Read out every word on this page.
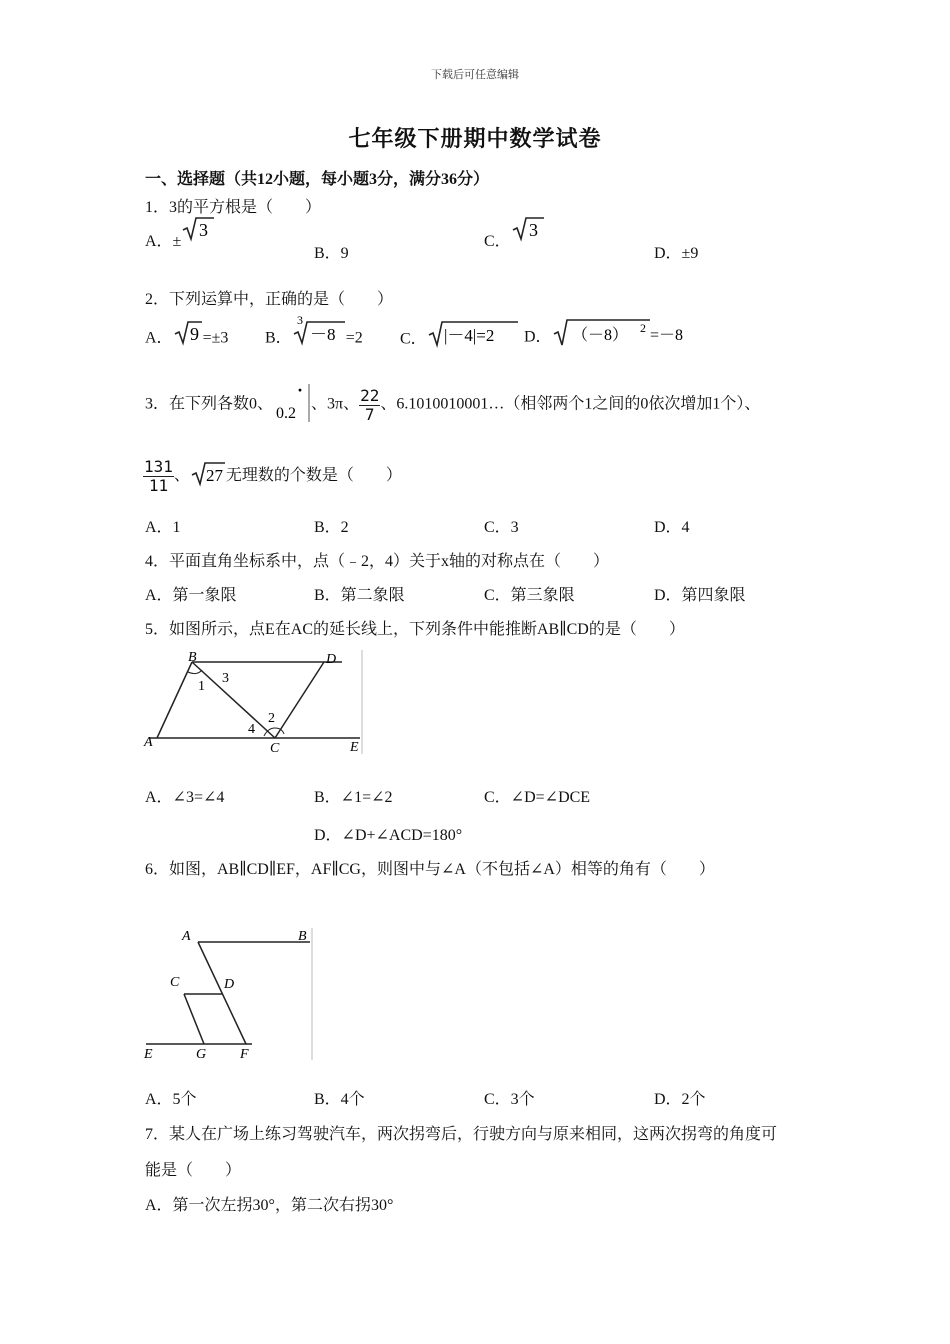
下载后可任意编辑
七年级下册期中数学试卷
一、选择题（共12小题，每小题3分，满分36分）
1．3的平方根是（　　）
A．±
3
B．9
C．
3
D．±9
2．下列运算中，正确的是（　　）
A． 9 =±3 B．
3
－8 =2 C． |－4|=2 D． （－8） 2 =－8
3．在下列各数0、
·
0.2
、3π、 $\frac{22}{7}$ 、6.1010010001…（相邻两个1之间的0依次增加1个）、
$\frac{131}{11}$ 、 27 无理数的个数是（　　）
A．1	B．2	C．3	D．4
4．平面直角坐标系中，点（﹣2，4）关于x轴的对称点在（　　）
A．第一象限	B．第二象限	C．第三象限	D．第四象限
5．如图所示，点E在AC的延长线上，下列条件中能推断AB∥CD的是（　　）
B	D
A	C	E
1
3
2
4
A．∠3=∠4	B．∠1=∠2	C．∠D=∠DCE
D．∠D+∠ACD=180°
6．如图，AB∥CD∥EF，AF∥CG，则图中与∠A（不包括∠A）相等的角有（　　）
A	B
C	D
E	G F
A．5个	B．4个	C．3个	D．2个
7．某人在广场上练习驾驶汽车，两次拐弯后，行驶方向与原来相同，这两次拐弯的角度可
能是（　　）
A．第一次左拐30°，第二次右拐30°
